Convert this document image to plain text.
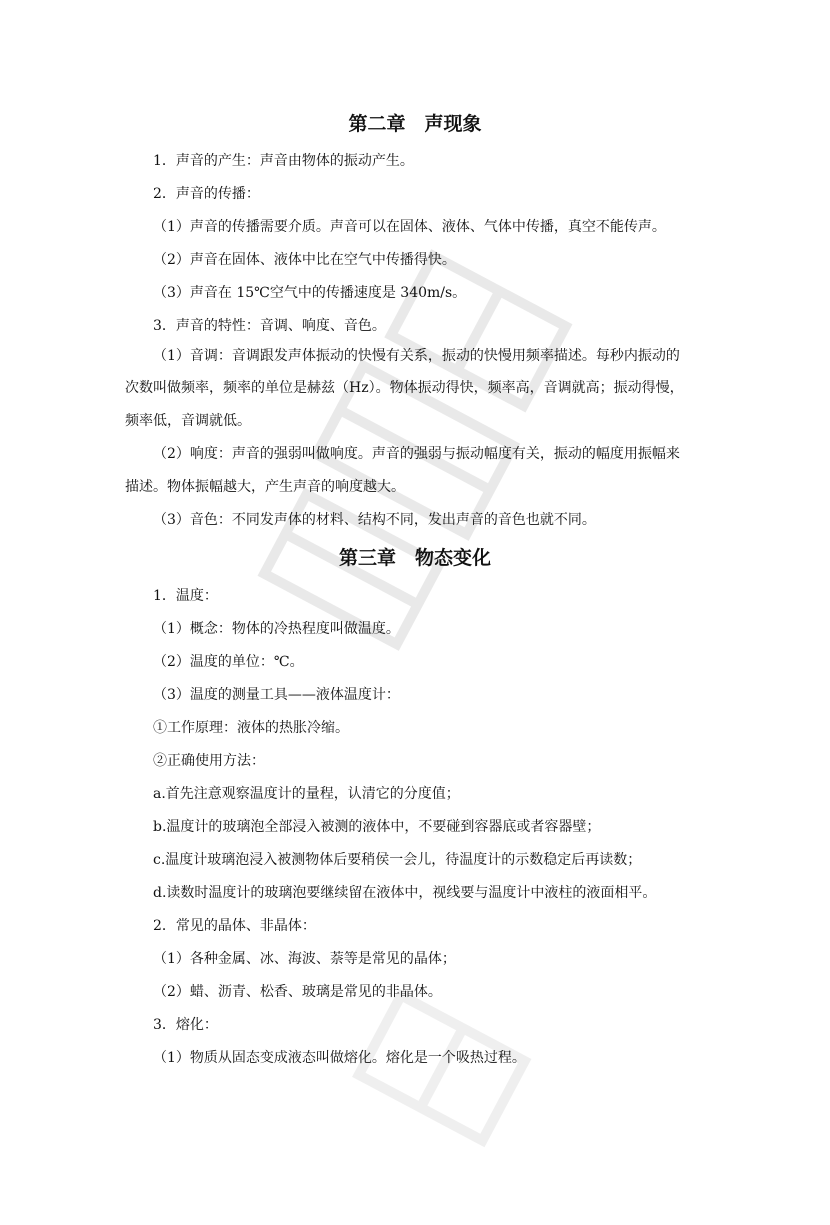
第二章　声现象
1．声音的产生：声音由物体的振动产生。
2．声音的传播：
（1）声音的传播需要介质。声音可以在固体、液体、气体中传播，真空不能传声。
（2）声音在固体、液体中比在空气中传播得快。
（3）声音在 15℃空气中的传播速度是 340m/s。
3．声音的特性：音调、响度、音色。
（1）音调：音调跟发声体振动的快慢有关系，振动的快慢用频率描述。每秒内振动的
次数叫做频率，频率的单位是赫兹（Hz）。物体振动得快，频率高，音调就高；振动得慢，
频率低，音调就低。
（2）响度：声音的强弱叫做响度。声音的强弱与振动幅度有关，振动的幅度用振幅来
描述。物体振幅越大，产生声音的响度越大。
（3）音色：不同发声体的材料、结构不同，发出声音的音色也就不同。
第三章　物态变化
1．温度：
（1）概念：物体的冷热程度叫做温度。
（2）温度的单位：℃。
（3）温度的测量工具——液体温度计：
①工作原理：液体的热胀冷缩。
②正确使用方法：
a.首先注意观察温度计的量程，认清它的分度值；
b.温度计的玻璃泡全部浸入被测的液体中，不要碰到容器底或者容器壁；
c.温度计玻璃泡浸入被测物体后要稍侯一会儿，待温度计的示数稳定后再读数；
d.读数时温度计的玻璃泡要继续留在液体中，视线要与温度计中液柱的液面相平。
2．常见的晶体、非晶体：
（1）各种金属、冰、海波、萘等是常见的晶体；
（2）蜡、沥青、松香、玻璃是常见的非晶体。
3．熔化：
（1）物质从固态变成液态叫做熔化。熔化是一个吸热过程。
